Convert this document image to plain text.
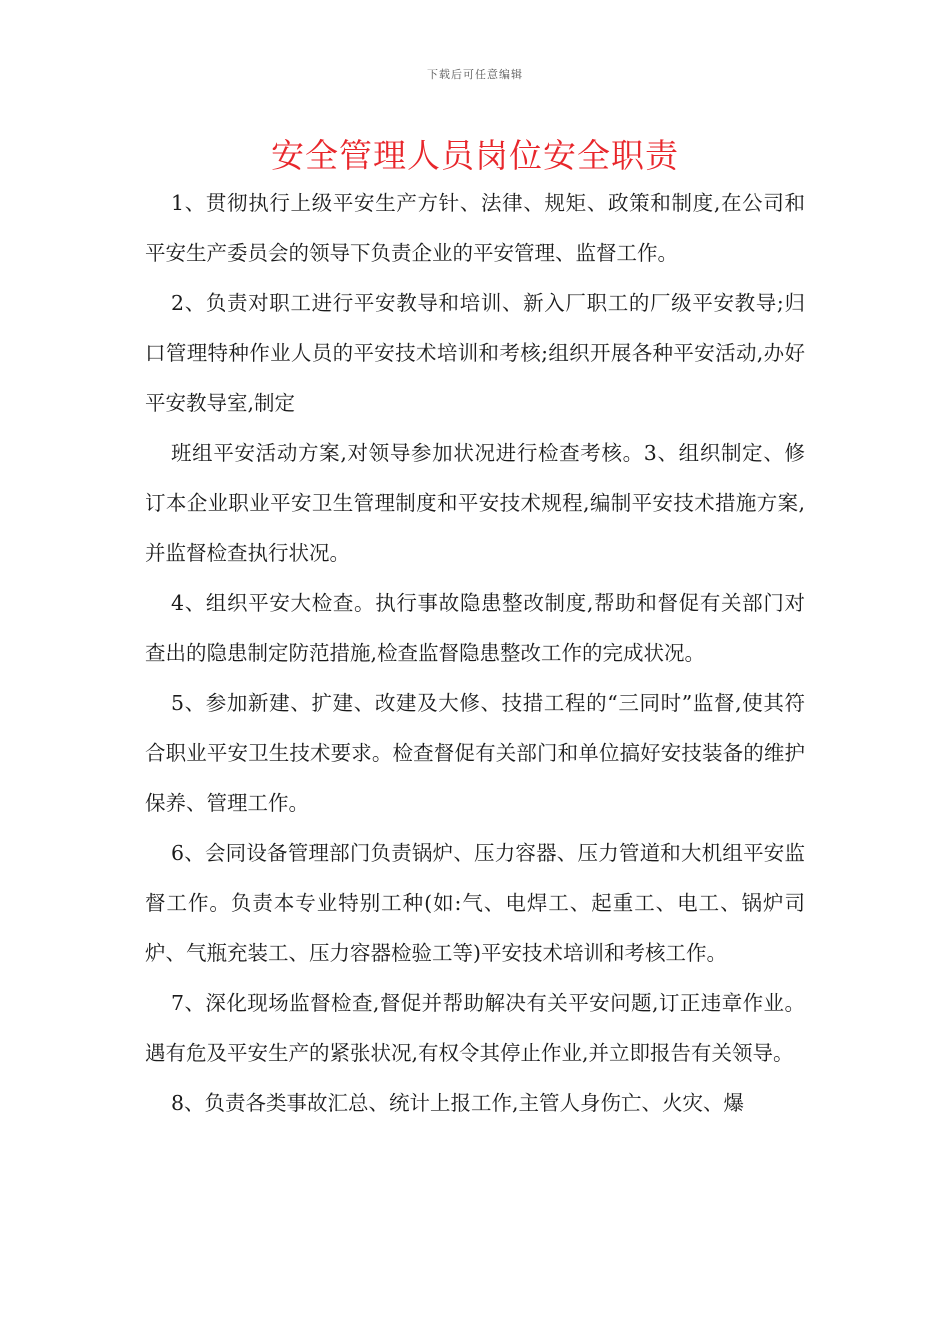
下载后可任意编辑
安全管理人员岗位安全职责

1、贯彻执行上级平安生产方针、法律、规矩、政策和制度,在公司和平安生产委员会的领导下负责企业的平安管理、监督工作。

2、负责对职工进行平安教导和培训、新入厂职工的厂级平安教导;归口管理特种作业人员的平安技术培训和考核;组织开展各种平安活动,办好平安教导室,制定

班组平安活动方案,对领导参加状况进行检查考核。3、组织制定、修订本企业职业平安卫生管理制度和平安技术规程,编制平安技术措施方案,并监督检查执行状况。

4、组织平安大检查。执行事故隐患整改制度,帮助和督促有关部门对查出的隐患制定防范措施,检查监督隐患整改工作的完成状况。

5、参加新建、扩建、改建及大修、技措工程的“三同时”监督,使其符合职业平安卫生技术要求。检查督促有关部门和单位搞好安技装备的维护保养、管理工作。

6、会同设备管理部门负责锅炉、压力容器、压力管道和大机组平安监督工作。负责本专业特别工种(如:气、电焊工、起重工、电工、锅炉司炉、气瓶充装工、压力容器检验工等)平安技术培训和考核工作。

7、深化现场监督检查,督促并帮助解决有关平安问题,订正违章作业。遇有危及平安生产的紧张状况,有权令其停止作业,并立即报告有关领导。

8、负责各类事故汇总、统计上报工作,主管人身伤亡、火灾、爆
